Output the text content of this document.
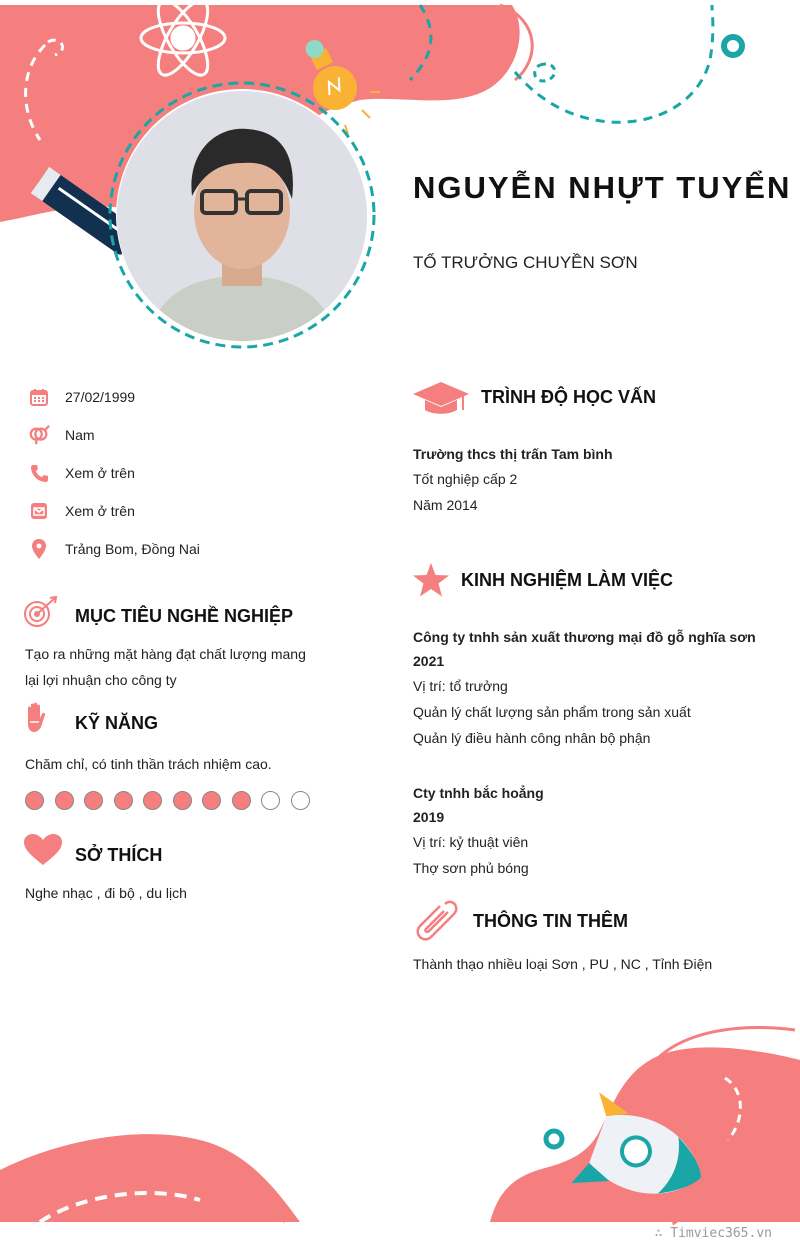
NGUYỄN NHỰT TUYỂN
TỔ TRƯỞNG CHUYỀN SƠN
27/02/1999
Nam
Xem ở trên
Xem ở trên
Trảng Bom, Đồng Nai
MỤC TIÊU NGHỀ NGHIỆP
Tạo ra những mặt hàng đạt chất lượng mang
lại lợi nhuận cho công ty
KỸ NĂNG
Chăm chỉ, có tinh thần trách nhiệm cao.
SỞ THÍCH
Nghe nhạc , đi bộ , du lịch
TRÌNH ĐỘ HỌC VẤN
Trường thcs thị trấn Tam bình
Tốt nghiệp cấp 2
Năm 2014
KINH NGHIỆM LÀM VIỆC
Công ty tnhh sản xuất thương mại đồ gỗ nghĩa sơn
2021
Vị trí: tổ trưởng
Quản lý chất lượng sản phẩm trong sản xuất
Quản lý điều hành công nhân bộ phận
Cty tnhh bắc hoẳng
2019
Vị trí: kỷ thuật viên
Thợ sơn phủ bóng
THÔNG TIN THÊM
Thành thạo nhiều loại Sơn , PU , NC , Tỉnh Điện
∴ Timviec365.vn
